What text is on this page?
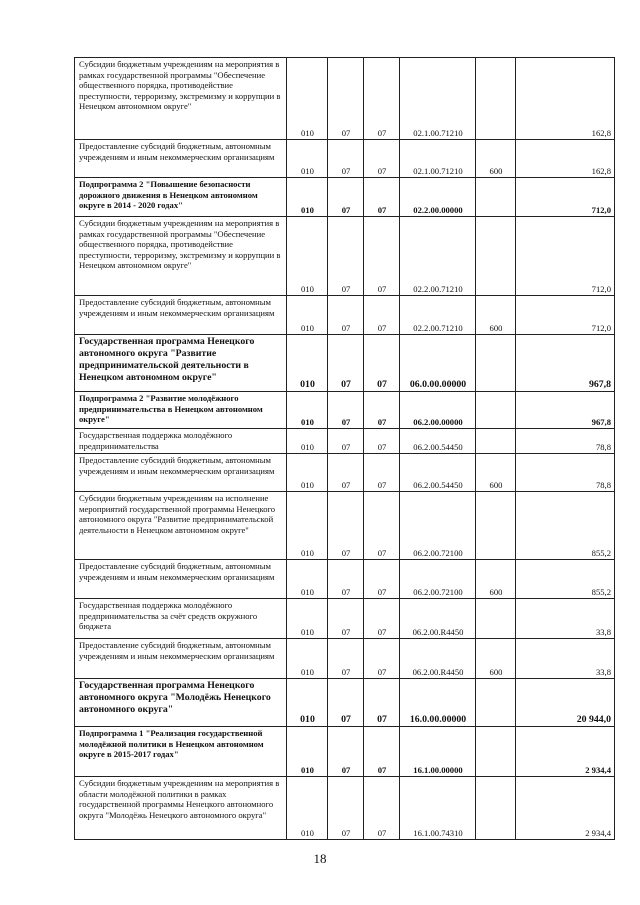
Субсидии бюджетным учреждениям на мероприятия в рамках государственной программы "Обеспечение общественного порядка, противодействие преступности, терроризму, экстремизму и коррупции в Ненецком автономном округе"	010	07	07	02.1.00.71210		162,8
Предоставление субсидий бюджетным, автономным учреждениям и иным некоммерческим организациям	010	07	07	02.1.00.71210	600	162,8
Подпрограмма 2 "Повышение безопасности дорожного движения в Ненецком автономном округе в 2014 - 2020 годах"	010	07	07	02.2.00.00000		712,0
Субсидии бюджетным учреждениям на мероприятия в рамках государственной программы "Обеспечение общественного порядка, противодействие преступности, терроризму, экстремизму и коррупции в Ненецком автономном округе"	010	07	07	02.2.00.71210		712,0
Предоставление субсидий бюджетным, автономным учреждениям и иным некоммерческим организациям	010	07	07	02.2.00.71210	600	712,0
Государственная программа Ненецкого автономного округа "Развитие предпринимательской деятельности в Ненецком автономном округе"	010	07	07	06.0.00.00000		967,8
Подпрограмма 2 "Развитие молодёжного предпринимательства в Ненецком автономном округе"	010	07	07	06.2.00.00000		967,8
Государственная поддержка молодёжного предпринимательства	010	07	07	06.2.00.54450		78,8
Предоставление субсидий бюджетным, автономным учреждениям и иным некоммерческим организациям	010	07	07	06.2.00.54450	600	78,8
Субсидии бюджетным учреждениям на исполнение мероприятий государственной программы Ненецкого автономного округа "Развитие предпринимательской деятельности в Ненецком автономном округе"	010	07	07	06.2.00.72100		855,2
Предоставление субсидий бюджетным, автономным учреждениям и иным некоммерческим организациям	010	07	07	06.2.00.72100	600	855,2
Государственная поддержка молодёжного предпринимательства за счёт средств окружного бюджета	010	07	07	06.2.00.R4450		33,8
Предоставление субсидий бюджетным, автономным учреждениям и иным некоммерческим организациям	010	07	07	06.2.00.R4450	600	33,8
Государственная программа Ненецкого автономного округа "Молодёжь Ненецкого автономного округа"	010	07	07	16.0.00.00000		20 944,0
Подпрограмма 1 "Реализация государственной молодёжной политики в Ненецком автономном округе в 2015-2017 годах"	010	07	07	16.1.00.00000		2 934,4
Субсидии бюджетным учреждениям на мероприятия в области молодёжной политики в рамках государственной программы Ненецкого автономного округа "Молодёжь Ненецкого автономного округа"	010	07	07	16.1.00.74310		2 934,4
18
